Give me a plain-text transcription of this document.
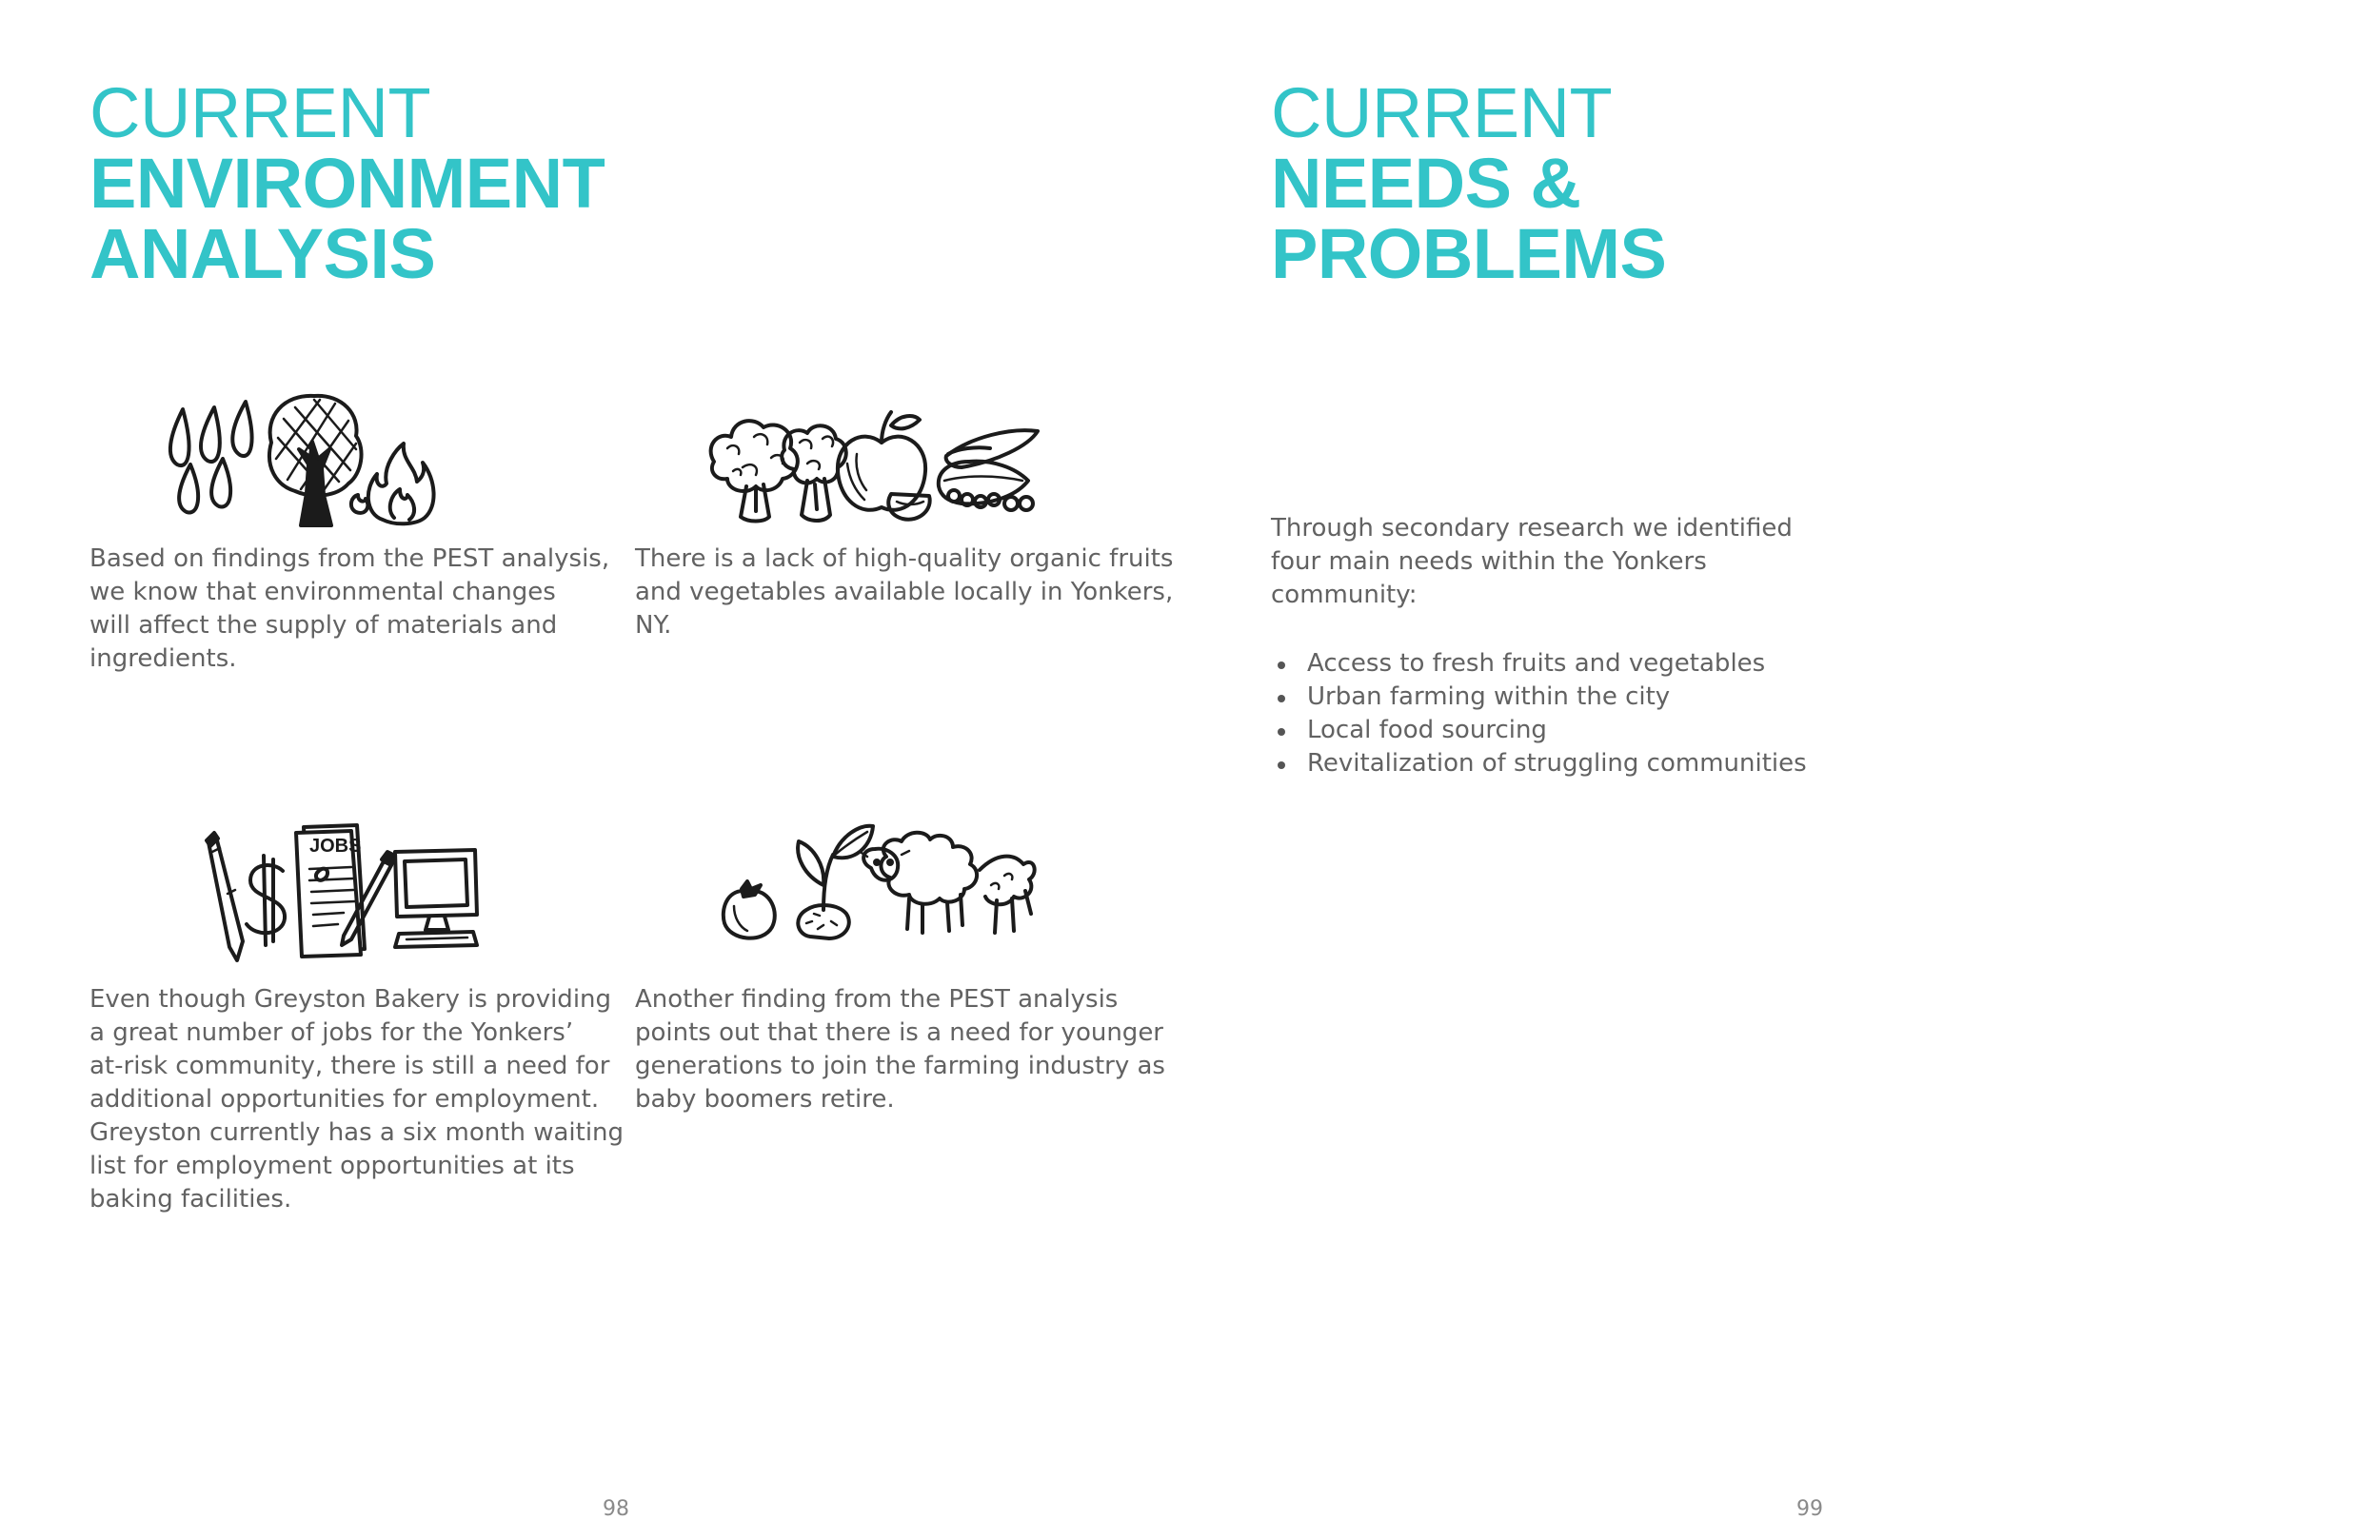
CURRENT
ENVIRONMENT
ANALYSIS

Based on findings from the PEST analysis,
we know that environmental changes
will affect the supply of materials and
ingredients.

There is a lack of high-quality organic fruits
and vegetables available locally in Yonkers,
NY.

JOBS

Even though Greyston Bakery is providing
a great number of jobs for the Yonkers’
at-risk community, there is still a need for
additional opportunities for employment.
Greyston currently has a six month waiting
list for employment opportunities at its
baking facilities.

Another finding from the PEST analysis
points out that there is a need for younger
generations to join the farming industry as
baby boomers retire.

98

CURRENT
NEEDS &
PROBLEMS

Through secondary research we identified
four main needs within the Yonkers
community:

Access to fresh fruits and vegetables
Urban farming within the city
Local food sourcing
Revitalization of struggling communities

99
